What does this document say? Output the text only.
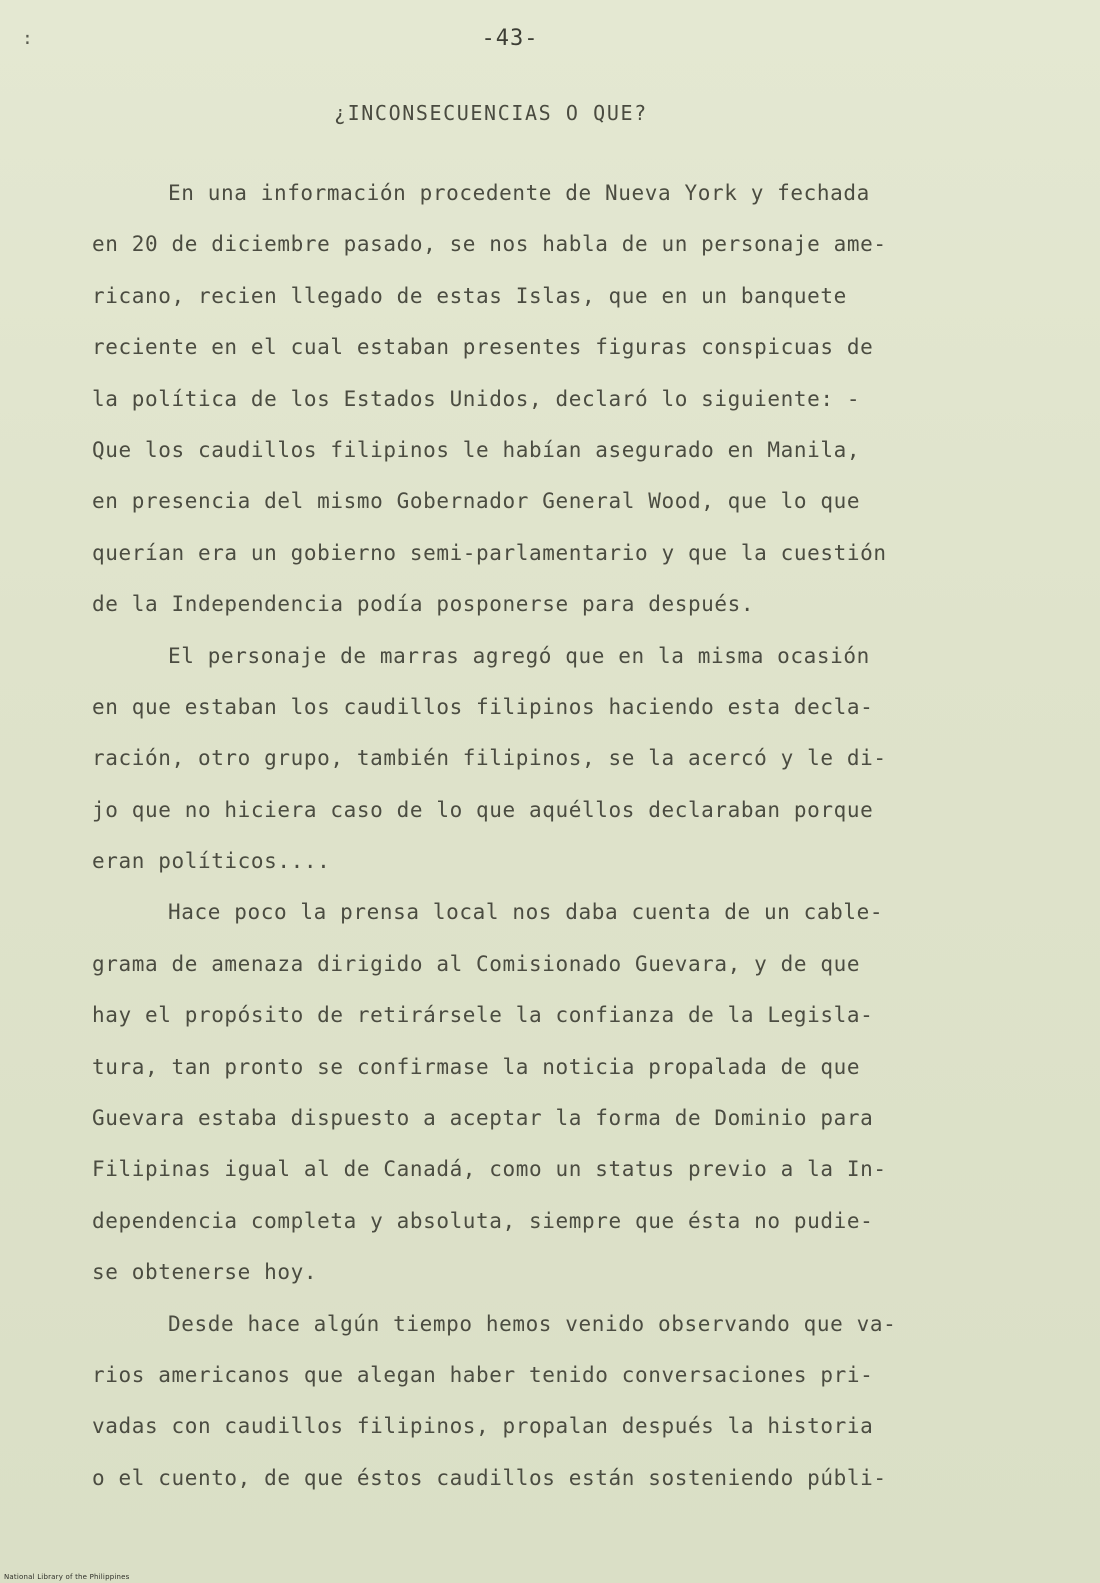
:	-43-
¿INCONSECUENCIAS O QUE?
En una información procedente de Nueva York y fechada
en 20 de diciembre pasado, se nos habla de un personaje ame-
ricano, recien llegado de estas Islas, que en un banquete
reciente en el cual estaban presentes figuras conspicuas de
la política de los Estados Unidos, declaró lo siguiente: -
Que los caudillos filipinos le habían asegurado en Manila,
en presencia del mismo Gobernador General Wood, que lo que
querían era un gobierno semi-parlamentario y que la cuestión
de la Independencia podía posponerse para después.
El personaje de marras agregó que en la misma ocasión
en que estaban los caudillos filipinos haciendo esta decla-
ración, otro grupo, también filipinos, se la acercó y le di-
jo que no hiciera caso de lo que aquéllos declaraban porque
eran políticos....
Hace poco la prensa local nos daba cuenta de un cable-
grama de amenaza dirigido al Comisionado Guevara, y de que
hay el propósito de retirársele la confianza de la Legisla-
tura, tan pronto se confirmase la noticia propalada de que
Guevara estaba dispuesto a aceptar la forma de Dominio para
Filipinas igual al de Canadá, como un status previo a la In-
dependencia completa y absoluta, siempre que ésta no pudie-
se obtenerse hoy.
Desde hace algún tiempo hemos venido observando que va-
rios americanos que alegan haber tenido conversaciones pri-
vadas con caudillos filipinos, propalan después la historia
o el cuento, de que éstos caudillos están sosteniendo públi-
National Library of the Philippines
